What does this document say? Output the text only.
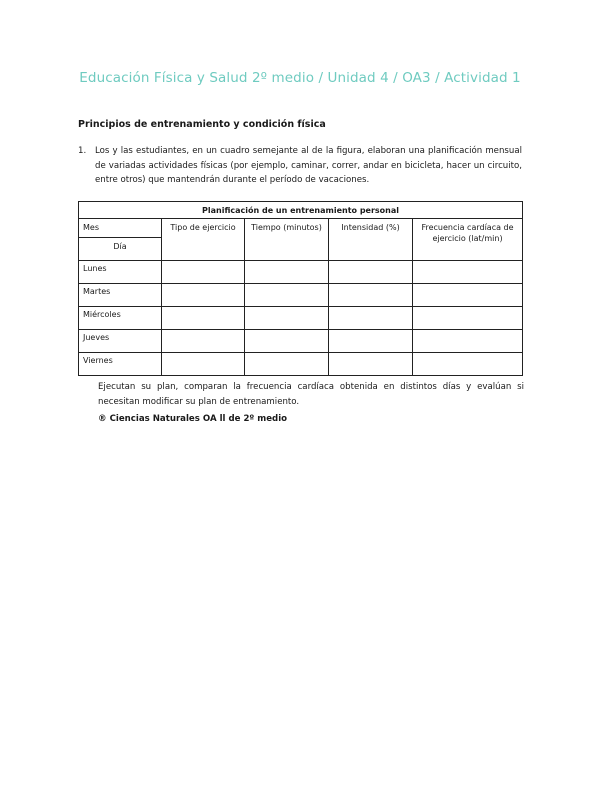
Educación Física y Salud 2º medio / Unidad 4 / OA3 / Actividad 1
Principios de entrenamiento y condición física
1.	Los y las estudiantes, en un cuadro semejante al de la figura, elaboran una planificación mensual de variadas actividades físicas (por ejemplo, caminar, correr, andar en bicicleta, hacer un circuito, entre otros) que mantendrán durante el período de vacaciones.
Planificación de un entrenamiento personal				

Mes
Día	Tipo de ejercicio	Tiempo (minutos)	Intensidad (%)	Frecuencia cardíaca de ejercicio (lat/min)
Lunes				
Martes				
Miércoles				
Jueves				
Viernes				
Ejecutan su plan, comparan la frecuencia cardíaca obtenida en distintos días y evalúan si necesitan modificar su plan de entrenamiento.
® Ciencias Naturales OA ll de 2º medio
